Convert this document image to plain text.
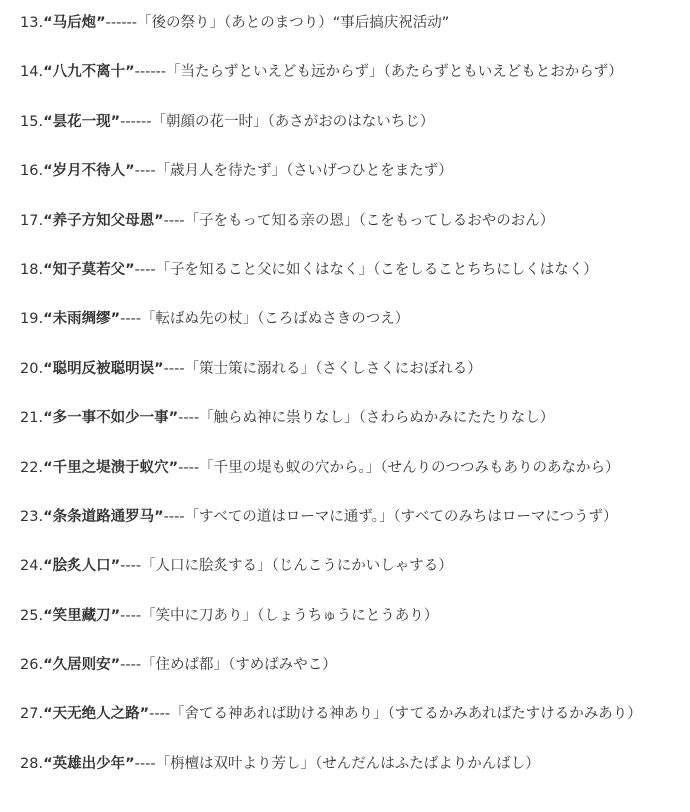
13.“马后炮”------「後の祭り」（あとのまつり）“事后搞庆祝活动”

14.“八九不离十”------「当たらずといえども远からず」（あたらずともいえどもとおからず）

15.“昙花一现”------「朝顔の花一时」（あさがおのはないちじ）

16.“岁月不待人”----「歳月人を待たず」（さいげつひとをまたず）

17.“养子方知父母恩”----「子をもって知る亲の恩」（こをもってしるおやのおん）

18.“知子莫若父”----「子を知ること父に如くはなく」（こをしることちちにしくはなく）

19.“未雨绸缪”----「転ばぬ先の杖」（ころばぬさきのつえ）

20.“聪明反被聪明误”----「策士策に溺れる」（さくしさくにおぼれる）

21.“多一事不如少一事”----「触らぬ神に祟りなし」（さわらぬかみにたたりなし）

22.“千里之堤溃于蚁穴”----「千里の堤も蚁の穴から。」（せんりのつつみもありのあなから）

23.“条条道路通罗马”----「すべての道はローマに通ず。」（すべてのみちはローマにつうず）

24.“脍炙人口”----「人口に脍炙する」（じんこうにかいしゃする）

25.“笑里藏刀”----「笑中に刀あり」（しょうちゅうにとうあり）

26.“久居则安”----「住めば都」（すめばみやこ）

27.“天无绝人之路”----「舍てる神あれば助ける神あり」（すてるかみあればたすけるかみあり）

28.“英雄出少年”----「栴檀は双叶より芳し」（せんだんはふたばよりかんばし）
